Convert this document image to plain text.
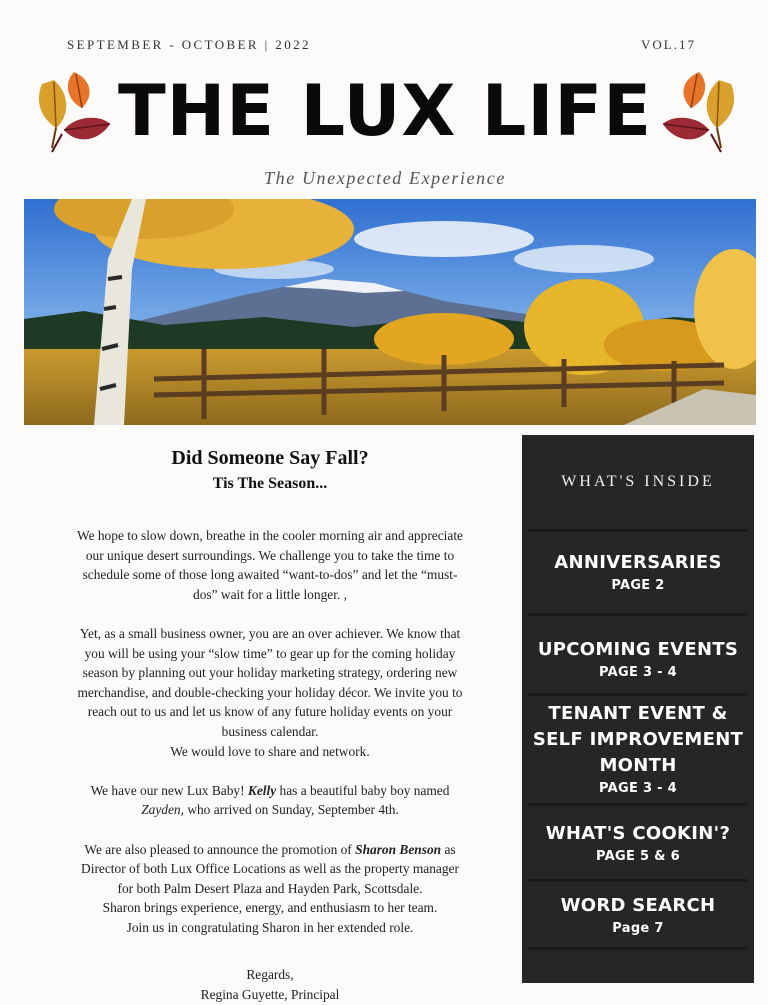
SEPTEMBER - OCTOBER | 2022	VOL.17
THE LUX LIFE
The Unexpected Experience
Did Someone Say Fall?
Tis The Season...

We hope to slow down, breathe in the cooler morning air and appreciate

our unique desert surroundings. We challenge you to take the time to

schedule some of those long awaited “want-to-dos” and let the “must-

dos” wait for a little longer. ,

Yet, as a small business owner, you are an over achiever. We know that

you will be using your “slow time” to gear up for the coming holiday

season by planning out your holiday marketing strategy, ordering new

merchandise, and double-checking your holiday décor. We invite you to

reach out to us and let us know of any future holiday events on your

business calendar.

We would love to share and network.

We have our new Lux Baby! Kelly has a beautiful baby boy named

Zayden, who arrived on Sunday, September 4th.

We are also pleased to announce the promotion of Sharon Benson as

Director of both Lux Office Locations as well as the property manager

for both Palm Desert Plaza and Hayden Park, Scottsdale.

Sharon brings experience, energy, and enthusiasm to her team.

Join us in congratulating Sharon in her extended role.

Regards,

Regina Guyette, Principal

WHAT'S INSIDE
ANNIVERSARIES
PAGE 2
UPCOMING EVENTS
PAGE 3 - 4
TENANT EVENT &
SELF IMPROVEMENT
MONTH
PAGE 3 - 4
WHAT'S COOKIN'?
PAGE 5 & 6
WORD SEARCH
Page 7
